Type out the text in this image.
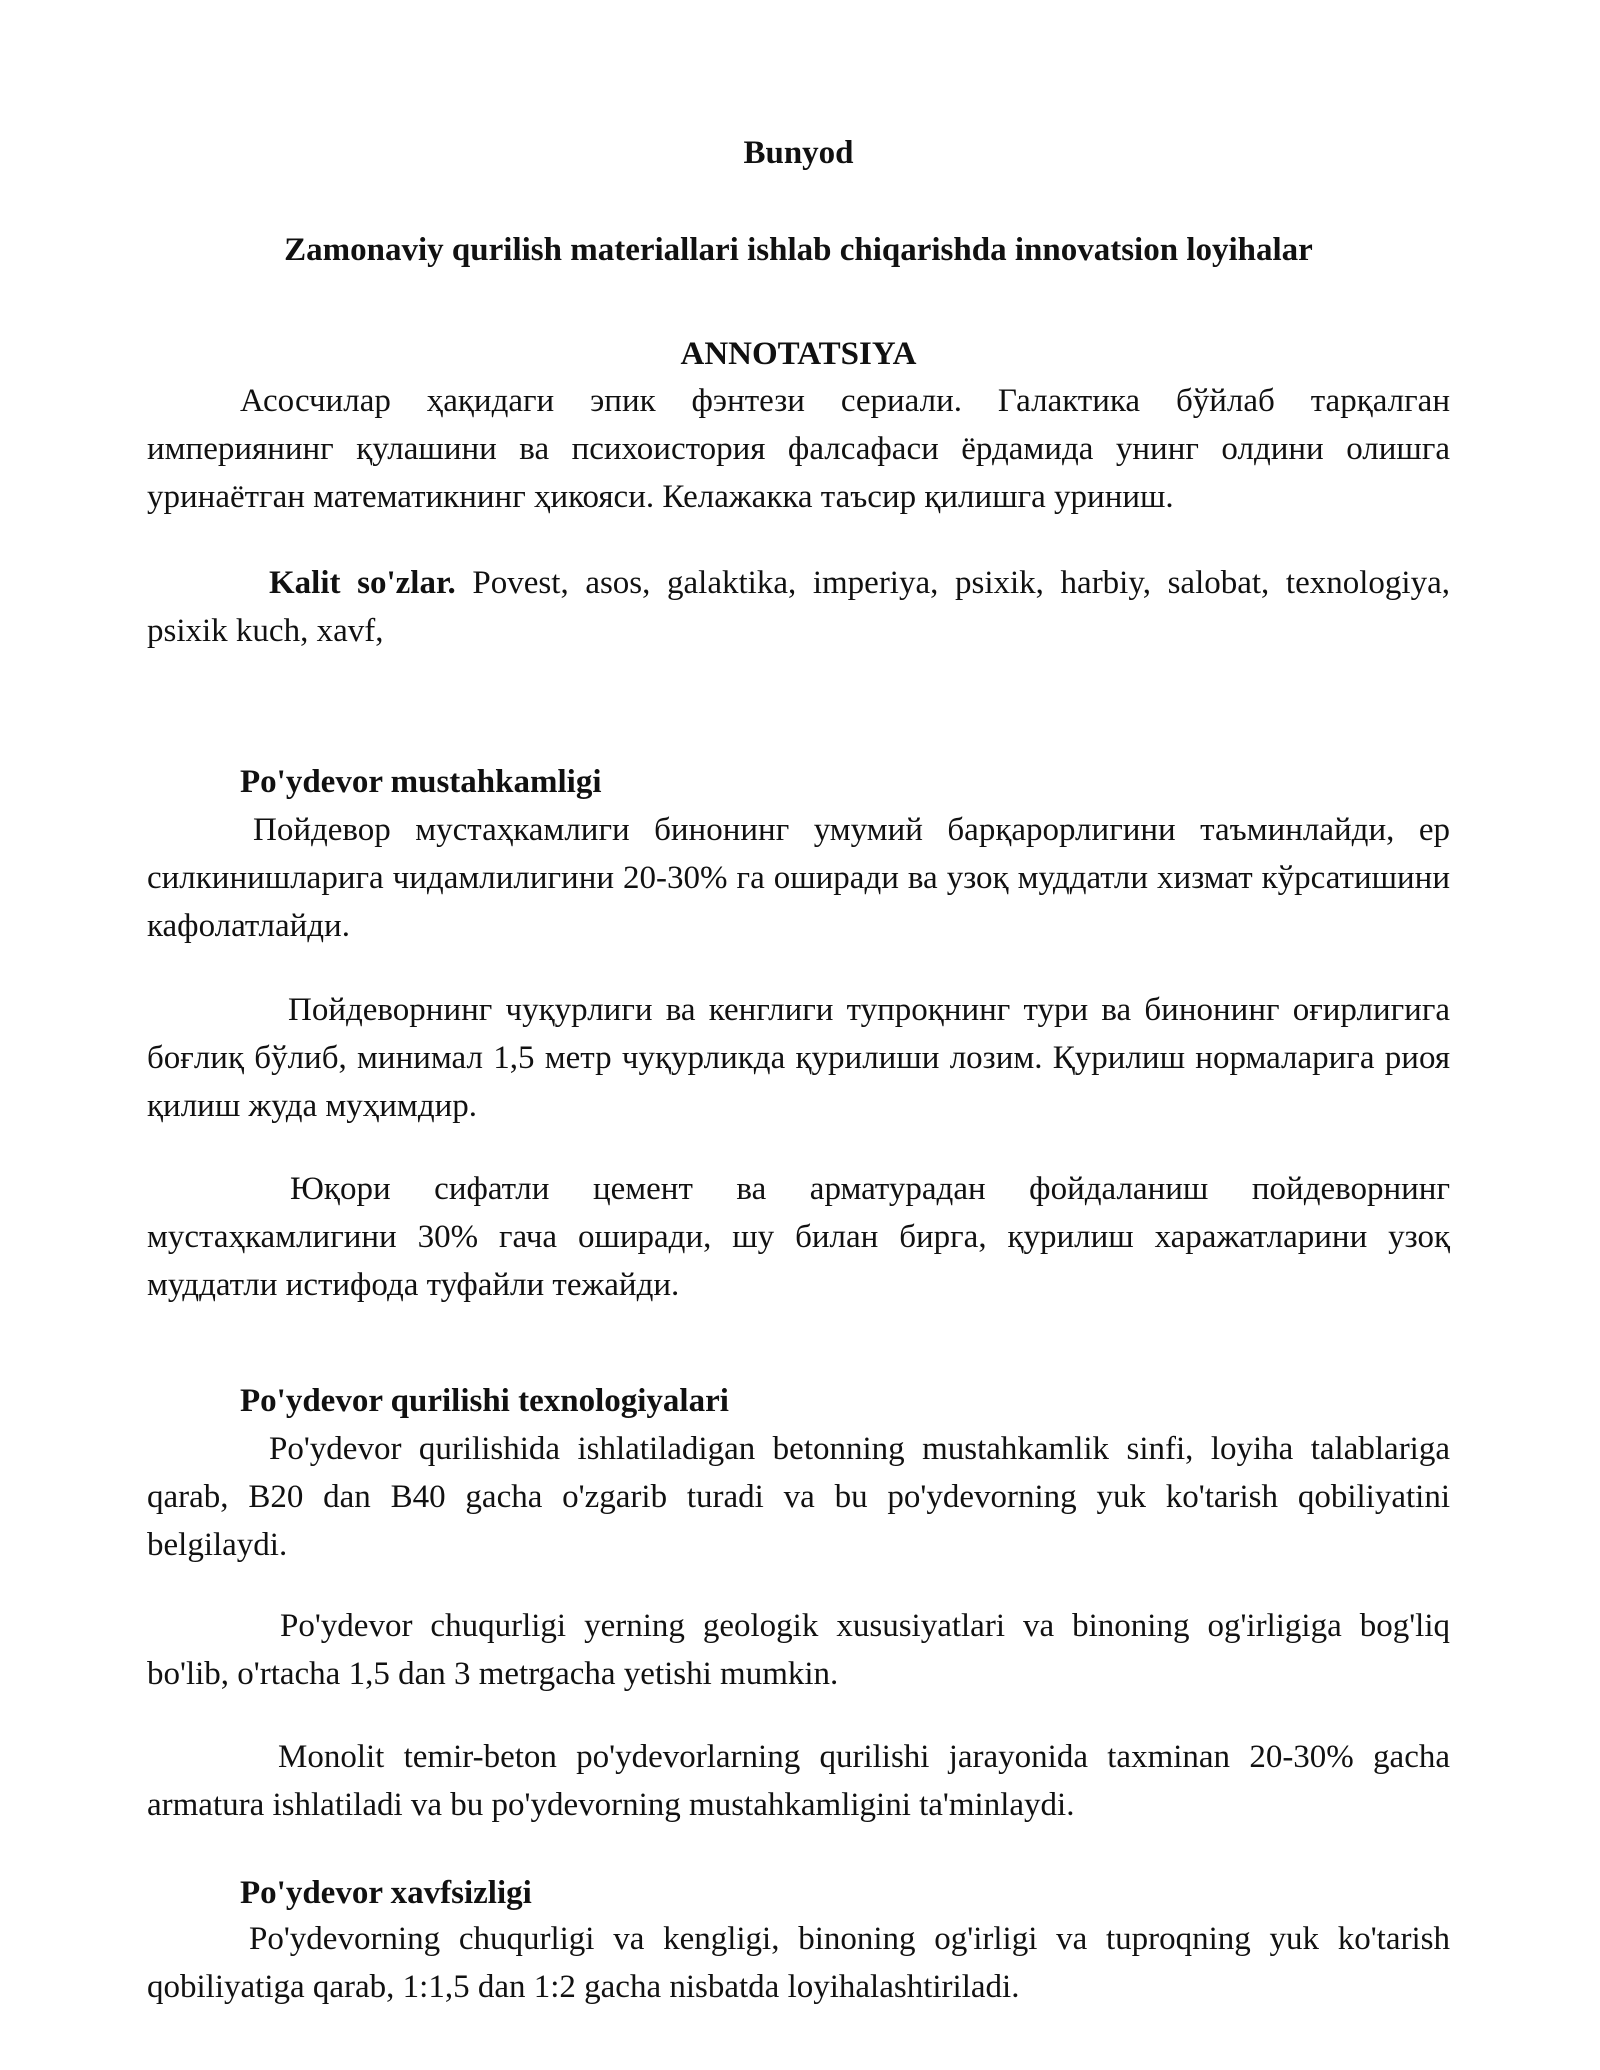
Bunyod

Zamonaviy qurilish materiallari ishlab chiqarishda innovatsion loyihalar

ANNOTATSIYA

Асосчилар ҳақидаги эпик фэнтези сериали. Галактика бўйлаб тарқалган империянинг қулашини ва психоистория фалсафаси ёрдамида унинг олдини олишга уринаётган математикнинг ҳикояси. Келажакка таъсир қилишга уриниш.

Kalit so'zlar. Povest, asos, galaktika, imperiya, psixik, harbiy, salobat, texnologiya, psixik kuch, xavf,

Po'ydevor mustahkamligi

Пойдевор мустаҳкамлиги бинонинг умумий барқарорлигини таъминлайди, ер силкинишларига чидамлилигини 20-30% га оширади ва узоқ муддатли хизмат кўрсатишини кафолатлайди.

Пойдеворнинг чуқурлиги ва кенглиги тупроқнинг тури ва бинонинг оғирлигига боғлиқ бўлиб, минимал 1,5 метр чуқурликда қурилиши лозим. Қурилиш нормаларига риоя қилиш жуда муҳимдир.

Юқори сифатли цемент ва арматурадан фойдаланиш пойдеворнинг мустаҳкамлигини 30% гача оширади, шу билан бирга, қурилиш харажатларини узоқ муддатли истифода туфайли тежайди.

Po'ydevor qurilishi texnologiyalari

Po'ydevor qurilishida ishlatiladigan betonning mustahkamlik sinfi, loyiha talablariga qarab, B20 dan B40 gacha o'zgarib turadi va bu po'ydevorning yuk ko'tarish qobiliyatini belgilaydi.

Po'ydevor chuqurligi yerning geologik xususiyatlari va binoning og'irligiga bog'liq bo'lib, o'rtacha 1,5 dan 3 metrgacha yetishi mumkin.

Monolit temir-beton po'ydevorlarning qurilishi jarayonida taxminan 20-30% gacha armatura ishlatiladi va bu po'ydevorning mustahkamligini ta'minlaydi.

Po'ydevor xavfsizligi

Po'ydevorning chuqurligi va kengligi, binoning og'irligi va tuproqning yuk ko'tarish qobiliyatiga qarab, 1:1,5 dan 1:2 gacha nisbatda loyihalashtiriladi.
